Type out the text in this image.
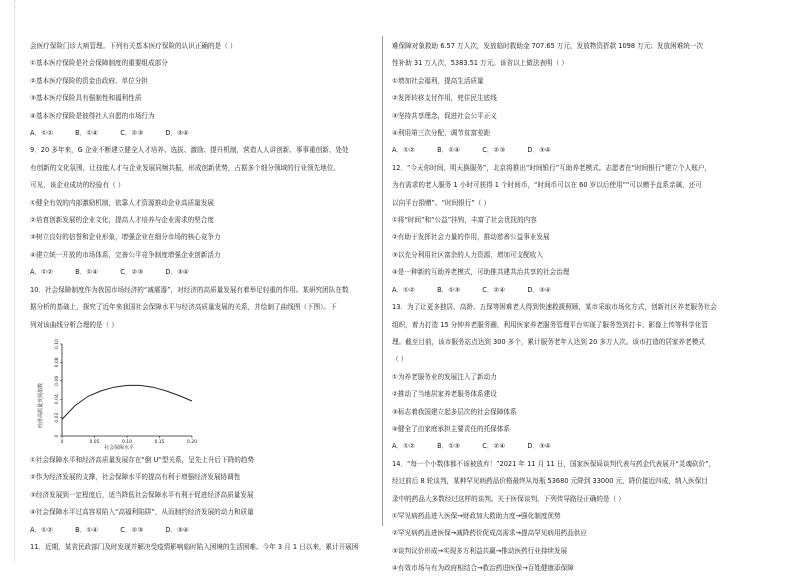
会医疗保险门诊大病管理。下列有关基本医疗保险的认识正确的是（ ）
①基本医疗保险是社会保障制度的重要组成部分
②基本医疗保险的资金由政府、单位分担
③基本医疗保险具有强制性和福利性质
④基本医疗保险是彼得社人自愿的市场行为
A．①②	B．①④	C．②③	D．③④
9．20 多年来，G 企业不断建立健全人才培养、选拔、激励、提升机制，营造人人讲创新、事事重创新、处处
有创新的文化氛围，让技能人才与企业发展同频共振，形成创新优势，占据多个细分领域的行业领先地位。
可见，该企业成功的经验有（ ）
①健全有效的内部激励机制，依靠人才资源推动企业高质量发展
②培育创新发展的企业文化，提高人才培养与企业需求的契合度
③树立良好的信誉和企业形象，增强企业在细分市场的核心竞争力
④建立统一开放的市场体系，完善公平竞争制度增强企业创新活力
A．①②	B．①④	C．②③	D．③④
10．社会保障制度作为我国市场经济的“减震器”，对经济的高质量发展有着举足轻重的作用。某研究团队在数
据分析的基础上，探究了近年来我国社会保障水平与经济高质量发展的关系，并绘制了曲线图（下图）。下
列对该曲线分析合理的是（ ）
0	0.05	0.10	0.15	0.20
0
0.02
0.04
0.06
0.08
0.10
社会保障水平
经济高质量发展指数
①社会保障水平和经济高质量发展存在“倒 U”型关系，呈先上升后下降的趋势
②作为经济发展的支撑，社会保障水平的提高有利于增强经济发展协调性
③经济发展到一定程度后，适当降低社会保障水平有利于促进经济高质量发展
④社会保障水平过高容易陷入“高福利陷阱”，从而制约经济发展的动力和质量
A．①②	B．①④	C．②③	D．③④
11．近期，某省民政部门及时发现并解决受疫情影响临时陷入困境的生活困难。今年 3 月 1 日以来，累计开展困
难保障对象救助 6.57 万人次，发放临时救助金 707.65 万元，发放物资折款 1098 万元；发放困难统一次
性补助 31 万人次，5383.51 万元。该省以上做法表明（ ）
①增加社会福利，提高生活质量
②发挥转移支付作用，兜住民生底线
③坚持共享理念，促进社会公平正义
④利用第三次分配，调节贫富差距
A．①②	B．①④	C．②③	D．③④
12．“今天你时间，明天换服务”，北京将推出“时间银行”互助养老模式。志愿者在“时间银行”建立个人账户，
为有需求的老人服务 1 小时可获得 1 个时间币，“时间币可以在 60 岁以后使用”“可以赠予直系亲属，还可
以向平台捐赠”。“时间银行”（ ）
①将“时间”和“公益”挂钩，丰富了社会优抚的内容
②有助于发挥社会力量的作用，推动慈善公益事业发展
③以充分利用社区富余的人力资源，增加可支配收入
④是一种新的互助养老模式，可助推共建共治共享的社会治理
A．①②	B．①③	C．②④	D．③④
13．为了让更多独居、高龄、五保等困难老人得到快速救援照顾，某市采取市场化方式，创新社区养老服务社会
组织，着力打造 15 分钟养老服务圈，利用医家养老服务管理平台实现了服务签到打卡、影像上传等科学化管
理。截至目前，该市服务站点达到 300 多个，累计服务老年人达到 20 多万人次。该市打造的居家养老模式
（ ）
①为养老服务业的发展注入了新动力
②推动了当地居家养老服务体系建设
③标志着我国建立起多层次的社会保障体系
④健全了由家庭承担主要责任的托保体系
A．①②	B．①③	C．②④	D．③④
14．“每一个小数体都不该被放弃！”2021 年 11 月 11 日，国家医保局谈判代表与药企代表展开“灵魂砍价”，
经过前后 8 轮谈判，某种罕见病药品价格最终从每瓶 53680 元降到 33000 元，降价接近四成，纳入医保目
录中的药品大多数经过这样的谈判。关于医保谈判，下列传导路径正确的是（ ）
①罕见病药品进入医保→财政加大救助力度→强化制度优势
②罕见病药品进医保→减降药价促成高需求→提高罕见病用药品供应
③谈判议价形成→实现多方利益共赢→推动医药行业持续发展
④有效市场与有为政府相结合→救治药进医保→百姓健康添保障
